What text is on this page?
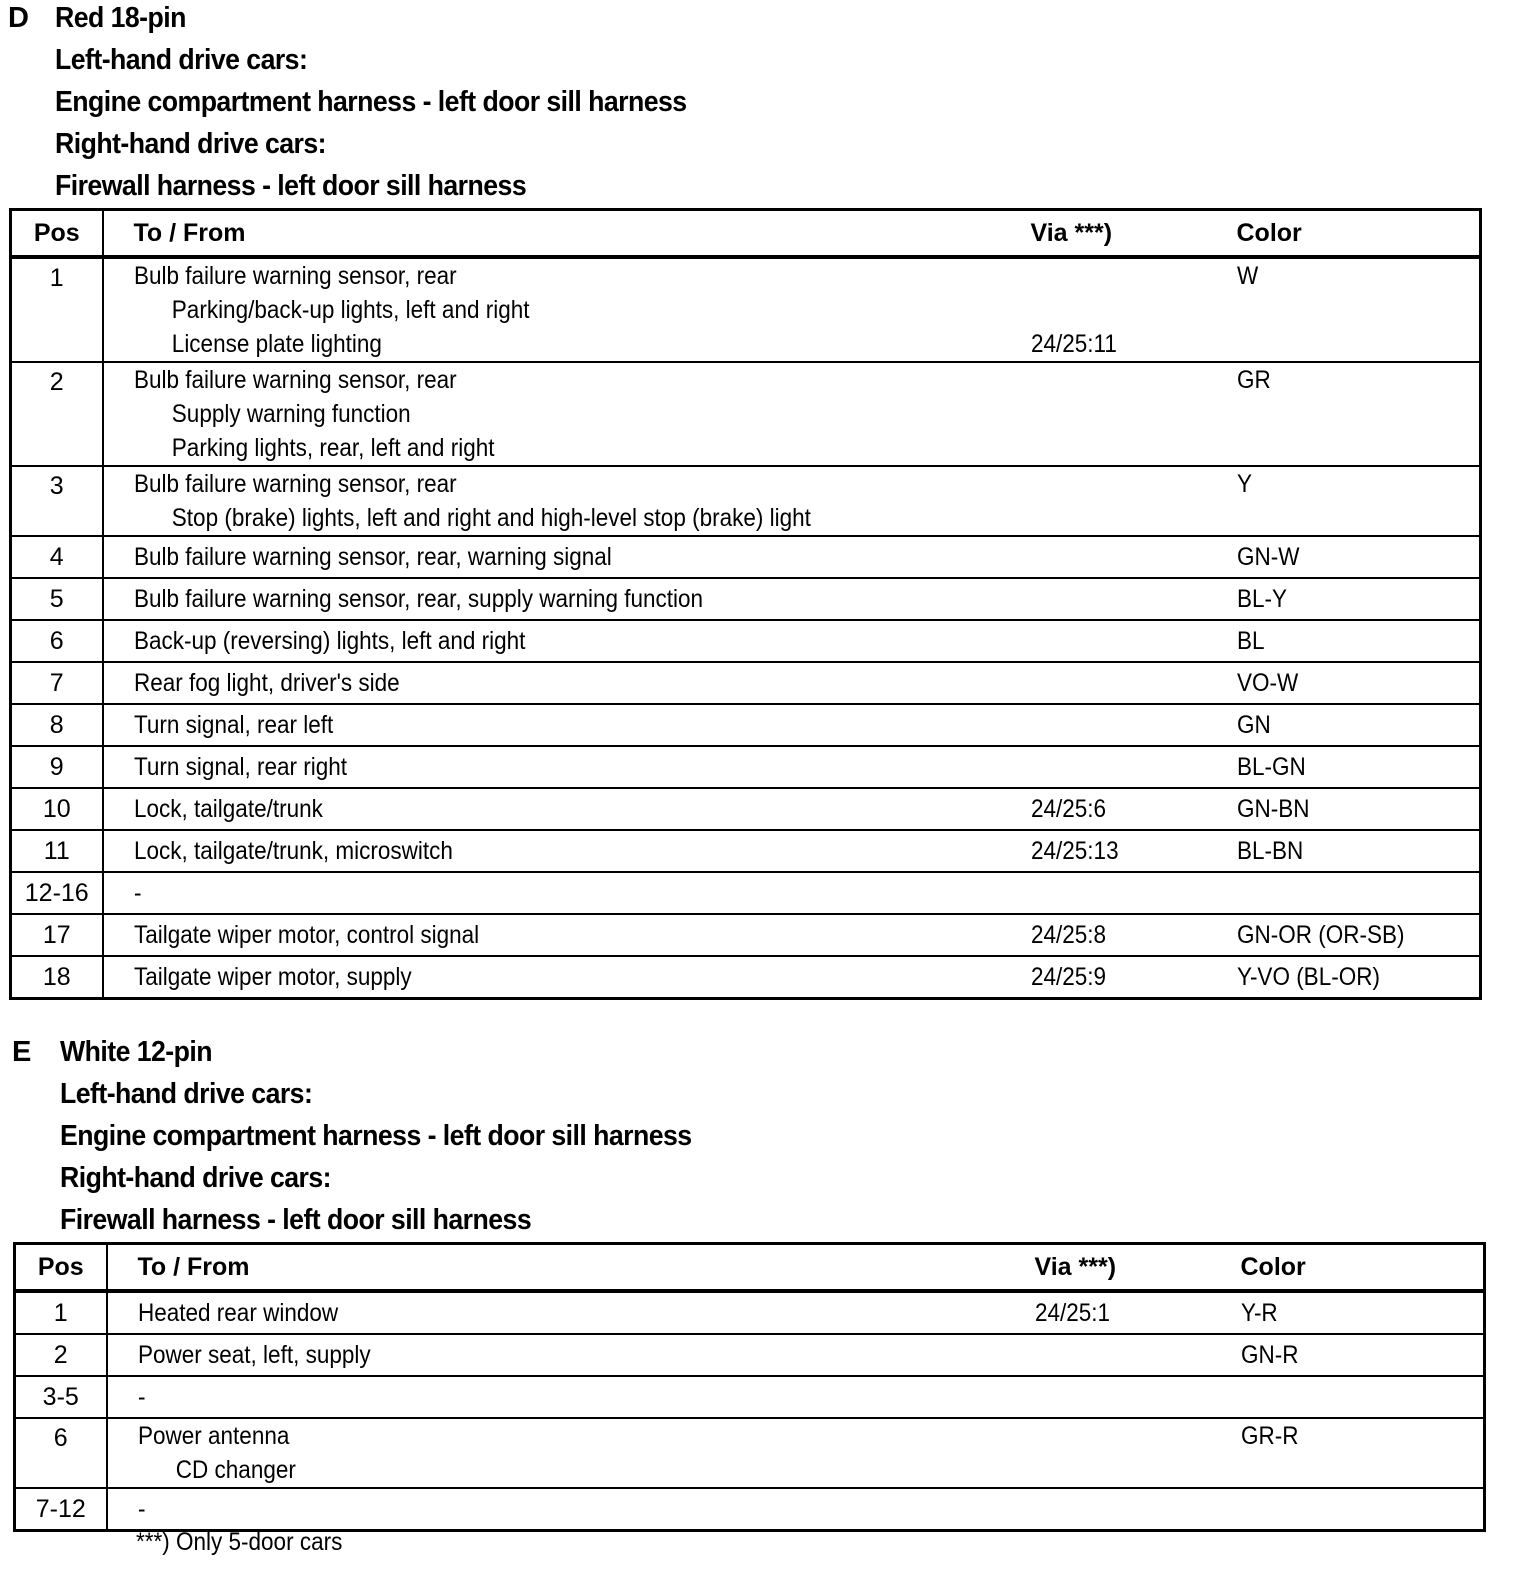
D Red 18-pin
Left-hand drive cars:
Engine compartment harness - left door sill harness
Right-hand drive cars:
Firewall harness - left door sill harness
Pos	To / From	Via ***)	Color

1	Bulb failure warning sensor, rear
Parking/back-up lights, left and right
License plate lighting	24/25:11	W

2	Bulb failure warning sensor, rear
Supply warning function
Parking lights, rear, left and right		GR

3	Bulb failure warning sensor, rear
Stop (brake) lights, left and right and high-level stop (brake) light		Y

4	Bulb failure warning sensor, rear, warning signal		GN-W

5	Bulb failure warning sensor, rear, supply warning function		BL-Y

6	Back-up (reversing) lights, left and right		BL

7	Rear fog light, driver's side		VO-W

8	Turn signal, rear left		GN

9	Turn signal, rear right		BL-GN

10	Lock, tailgate/trunk	24/25:6	GN-BN

11	Lock, tailgate/trunk, microswitch	24/25:13	BL-BN

12-16	-		

17	Tailgate wiper motor, control signal	24/25:8	GN-OR (OR-SB)

18	Tailgate wiper motor, supply	24/25:9	Y-VO (BL-OR)
E White 12-pin
Left-hand drive cars:
Engine compartment harness - left door sill harness
Right-hand drive cars:
Firewall harness - left door sill harness
Pos	To / From	Via ***)	Color

1	Heated rear window	24/25:1	Y-R

2	Power seat, left, supply		GN-R

3-5	-		

6	Power antenna
CD changer		GR-R

7-12	-		

***) Only 5-door cars
